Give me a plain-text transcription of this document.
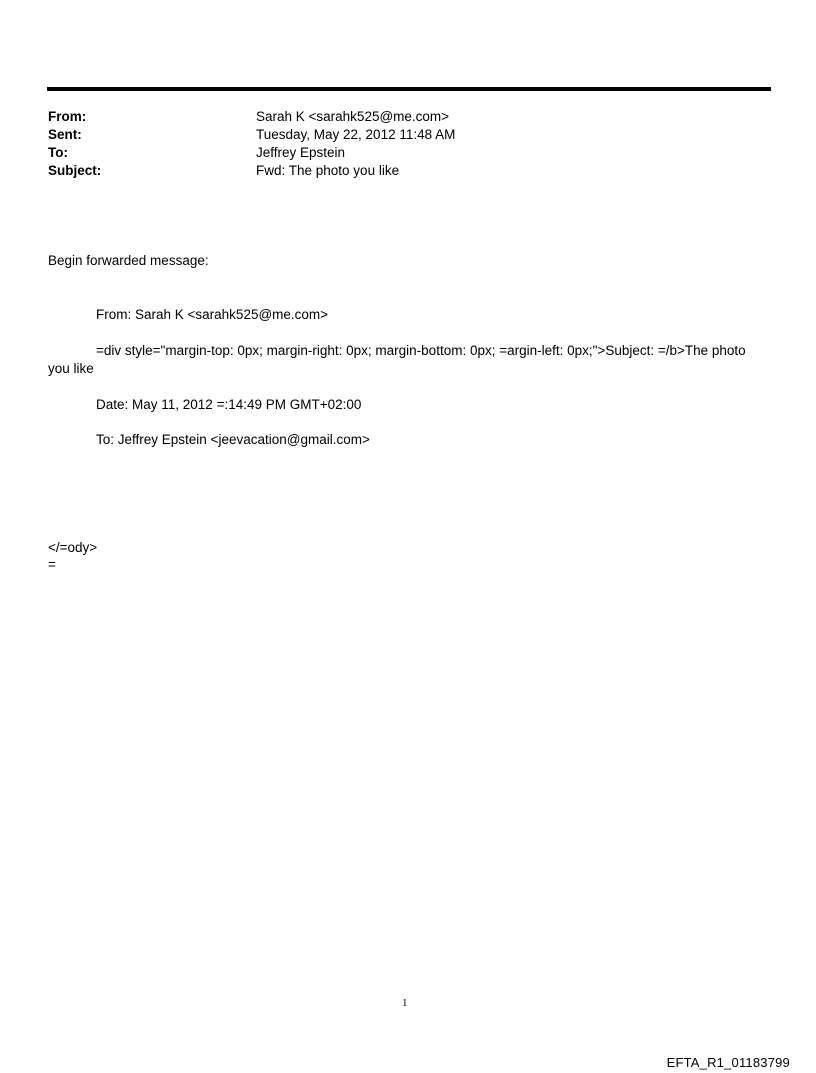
From:	Sarah K <sarahk525@me.com>
Sent:	Tuesday, May 22, 2012 11:48 AM
To:	Jeffrey Epstein
Subject:	Fwd: The photo you like
Begin forwarded message:
From: Sarah K <sarahk525@me.com>
=div style="margin-top: 0px; margin-right: 0px; margin-bottom: 0px; =argin-left: 0px;">Subject: =/b>The photo
you like
Date: May 11, 2012 =:14:49 PM GMT+02:00
To: Jeffrey Epstein <jeevacation@gmail.com>
</=ody>
=
1
EFTA_R1_01183799
